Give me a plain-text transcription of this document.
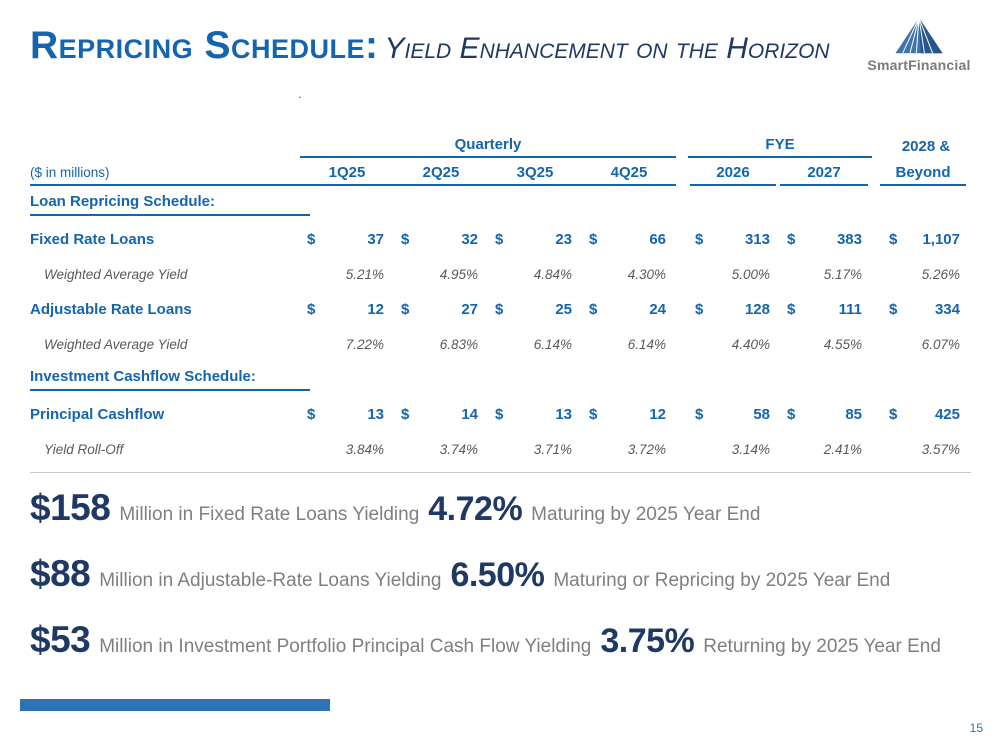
Repricing Schedule: Yield Enhancement on the Horizon
.
SmartFinancial
Quarterly	FYE	2028 &
($ in millions)	1Q25	2Q25	3Q25	4Q25	2026	2027	Beyond
Loan Repricing Schedule:
Fixed Rate Loans	$	37 $	32 $	23 $	66 $	313 $	383 $ 1,107
Weighted Average Yield	5.21%	4.95%	4.84%	4.30%	5.00%	5.17%	5.26%
Adjustable Rate Loans	$	12 $	27 $	25 $	24 $	128 $	111 $	334
Weighted Average Yield	7.22%	6.83%	6.14%	6.14%	4.40%	4.55%	6.07%
Investment Cashflow Schedule:
Principal Cashflow	$	13 $	14 $	13 $	12 $	58 $	85 $	425
Yield Roll-Off	3.84%	3.74%	3.71%	3.72%	3.14%	2.41%	3.57%
$158 Million in Fixed Rate Loans Yielding 4.72% Maturing by 2025 Year End
$88 Million in Adjustable-Rate Loans Yielding 6.50% Maturing or Repricing by 2025 Year End
$53 Million in Investment Portfolio Principal Cash Flow Yielding 3.75% Returning by 2025 Year End
15
